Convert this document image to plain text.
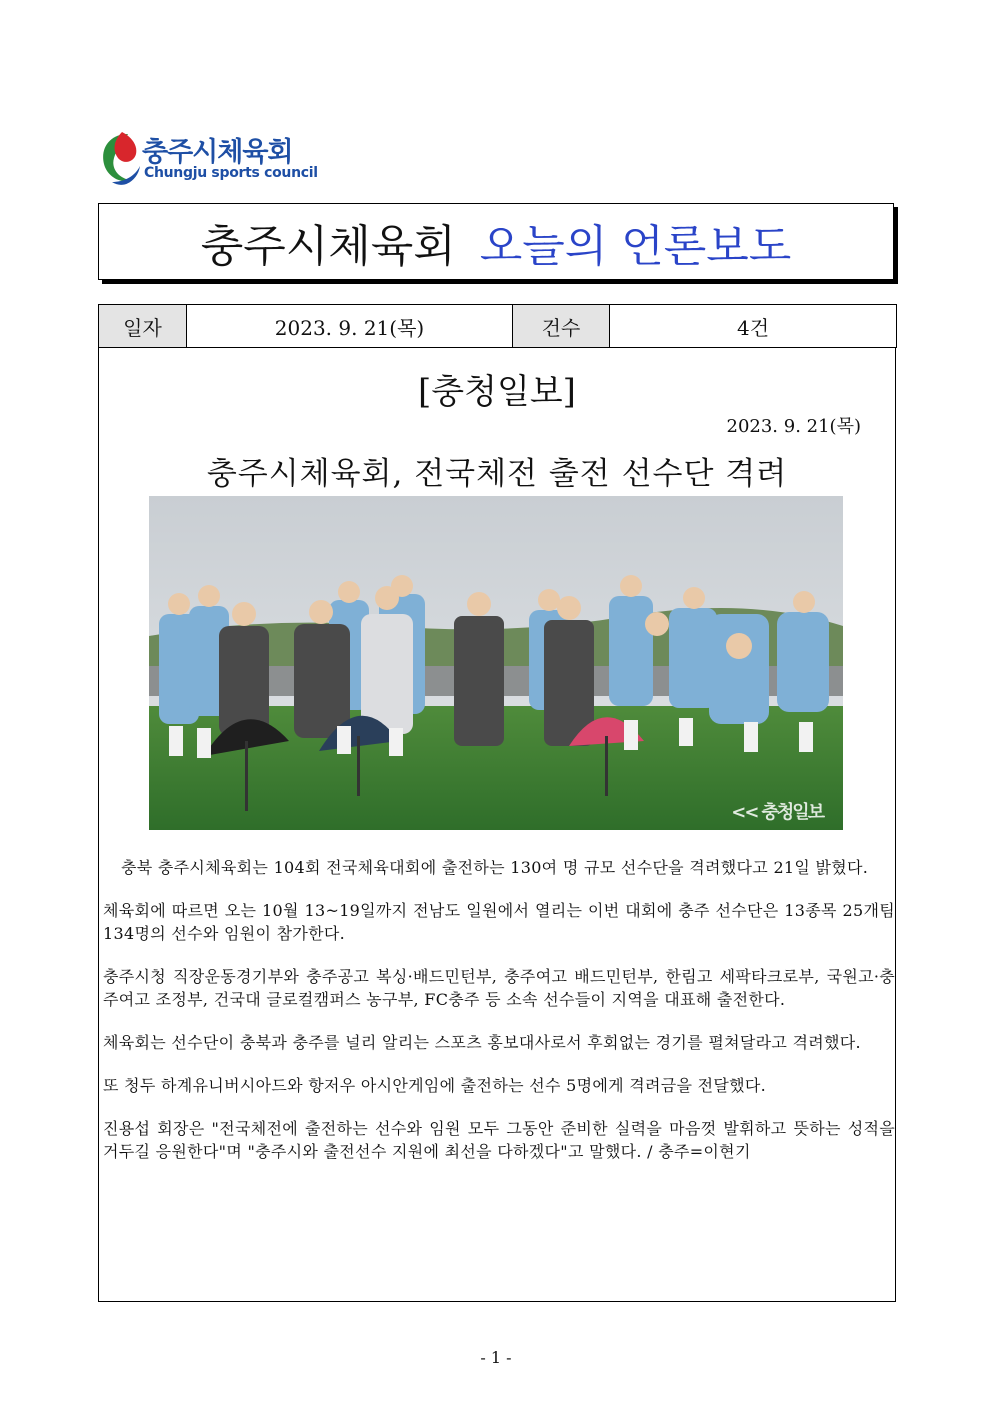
충주시체육회
Chungju sports council
충주시체육회 오늘의 언론보도
일자	2023. 9. 21(목)	건수	4건
[충청일보]
2023. 9. 21(목)
충주시체육회, 전국체전 출전 선수단 격려
<< 충청일보

충북 충주시체육회는 104회 전국체육대회에 출전하는 130여 명 규모 선수단을 격려했다고 21일 밝혔다.

체육회에 따르면 오는 10월 13~19일까지 전남도 일원에서 열리는 이번 대회에 충주 선수단은 13종목 25개팀 134명의 선수와 임원이 참가한다.

충주시청 직장운동경기부와 충주공고 복싱·배드민턴부, 충주여고 배드민턴부, 한림고 세팍타크로부, 국원고·충주여고 조정부, 건국대 글로컬캠퍼스 농구부, FC충주 등 소속 선수들이 지역을 대표해 출전한다.

체육회는 선수단이 충북과 충주를 널리 알리는 스포츠 홍보대사로서 후회없는 경기를 펼쳐달라고 격려했다.

또 청두 하계유니버시아드와 항저우 아시안게임에 출전하는 선수 5명에게 격려금을 전달했다.

진용섭 회장은 "전국체전에 출전하는 선수와 임원 모두 그동안 준비한 실력을 마음껏 발휘하고 뜻하는 성적을 거두길 응원한다"며 "충주시와 출전선수 지원에 최선을 다하겠다"고 말했다. / 충주=이현기

- 1 -
